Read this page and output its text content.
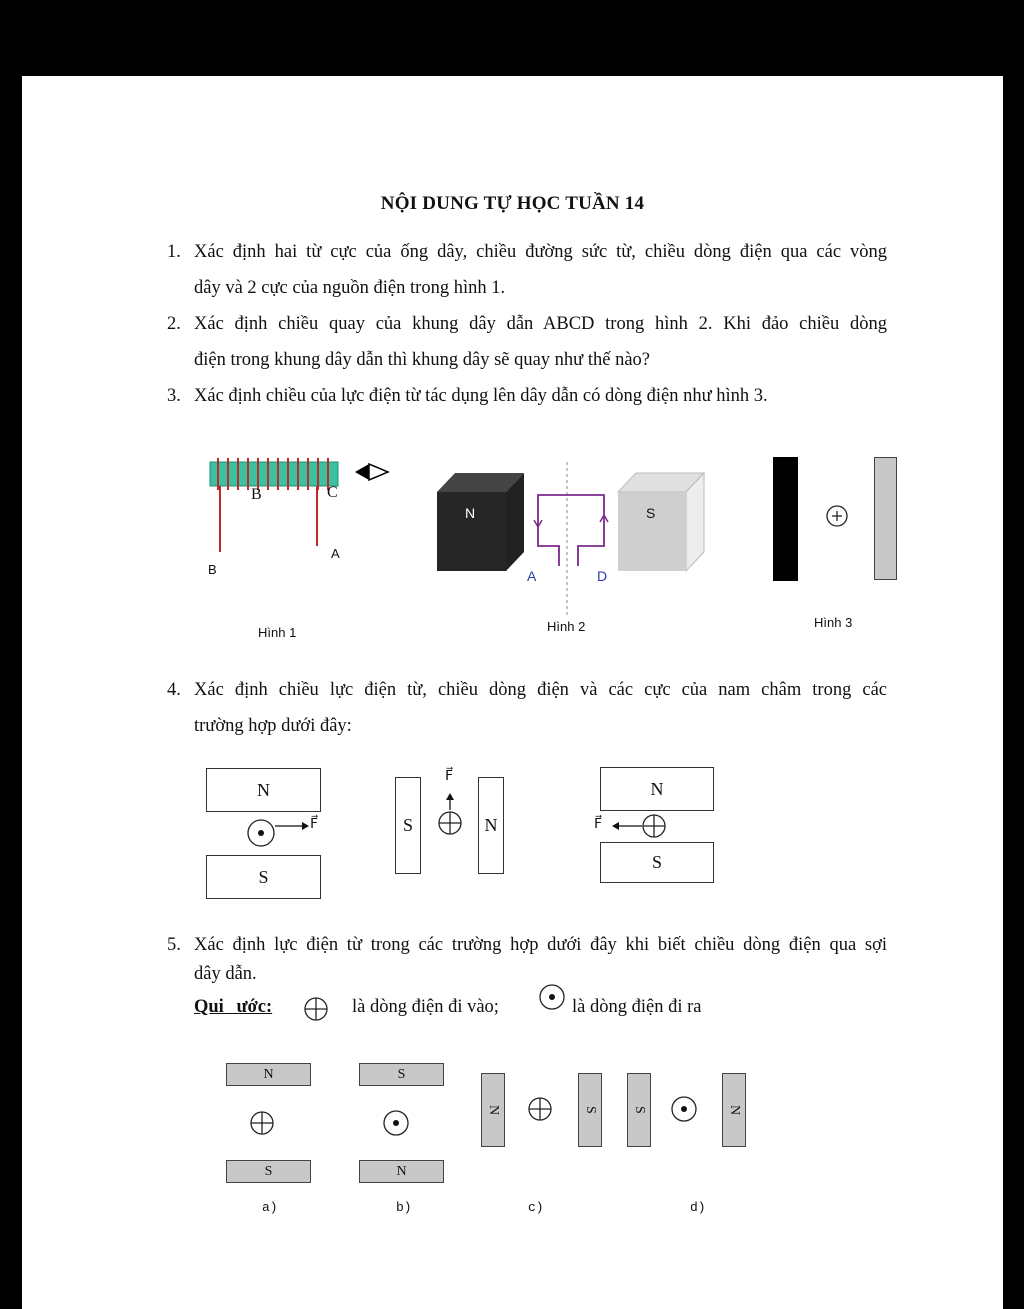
NỘI DUNG TỰ HỌC TUẦN 14
1. Xác định hai từ cực của ống dây, chiều đường sức từ, chiều dòng điện qua các vòng
dây và 2 cực của nguồn điện trong hình 1.
2. Xác định chiều quay của khung dây dẫn ABCD trong hình 2. Khi đảo chiều dòng
điện trong khung dây dẫn thì khung dây sẽ quay như thế nào?
3. Xác định chiều của lực điện từ tác dụng lên dây dẫn có dòng điện như hình 3.
B	C
A
B
Hình 1
N	S
A	D
Hình 2	Hình 3
4. Xác định chiều lực điện từ, chiều dòng điện và các cực của nam châm trong các
trường hợp dưới đây:
N
S
F⃗	S	N
F⃗
N
S
F⃗
5. Xác định lực điện từ trong các trường hợp dưới đây khi biết chiều dòng điện qua sợi
dây dẫn.
Qui ước:	là dòng điện đi vào;	là dòng điện đi ra
N
S
a)
S
N
b)
N	S
c)
S	N
d)
